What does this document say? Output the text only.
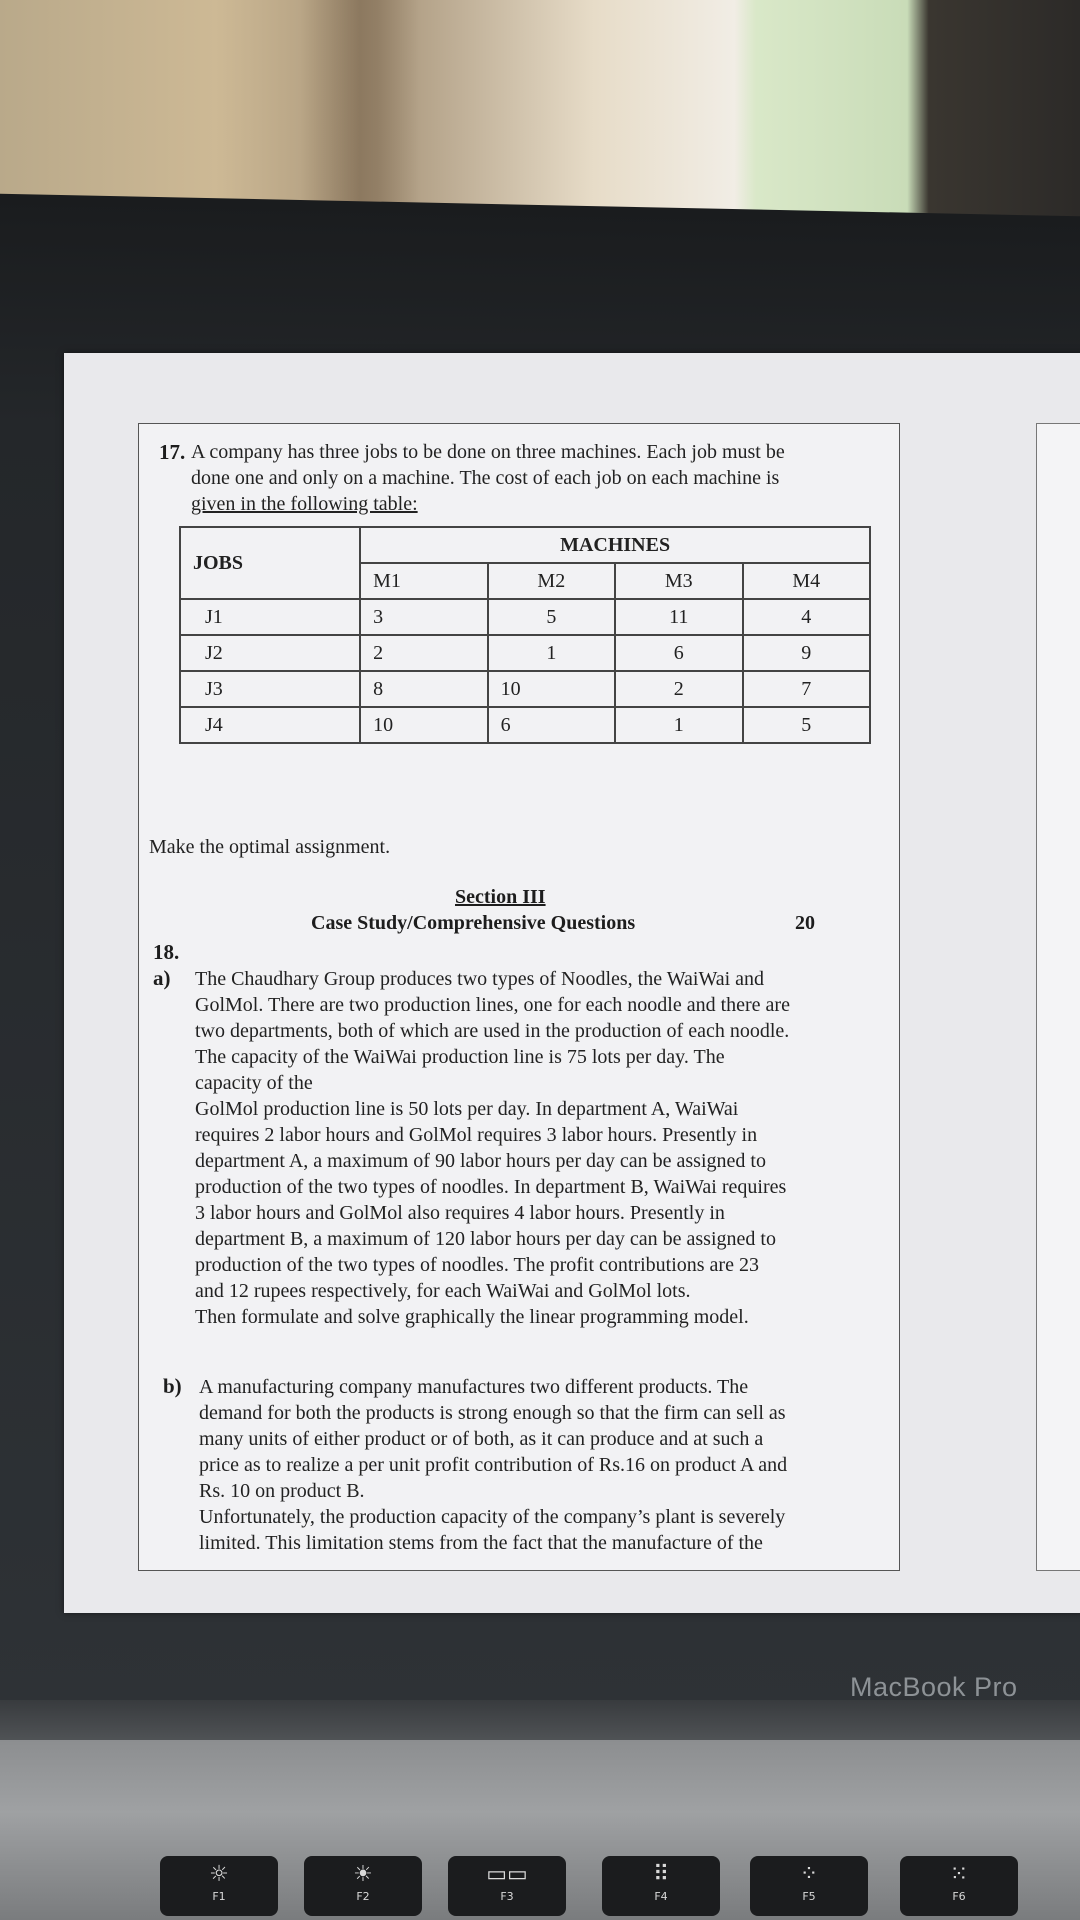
17. A company has three jobs to be done on three machines. Each job must be
done one and only on a machine. The cost of each job on each machine is
given in the following table:
JOBS	MACHINES			
	M1	M2	M3	M4
J1	3	5	11	4
J2	2	1	6	9
J3	8	10	2	7
J4	10	6	1	5
Make the optimal assignment.
Section III
Case Study/Comprehensive Questions	20
18.
a) The Chaudhary Group produces two types of Noodles, the WaiWai and
GolMol. There are two production lines, one for each noodle and there are
two departments, both of which are used in the production of each noodle.
The capacity of the WaiWai production line is 75 lots per day. The
capacity of the
GolMol production line is 50 lots per day. In department A, WaiWai
requires 2 labor hours and GolMol requires 3 labor hours. Presently in
department A, a maximum of 90 labor hours per day can be assigned to
production of the two types of noodles. In department B, WaiWai requires
3 labor hours and GolMol also requires 4 labor hours. Presently in
department B, a maximum of 120 labor hours per day can be assigned to
production of the two types of noodles. The profit contributions are 23
and 12 rupees respectively, for each WaiWai and GolMol lots.
Then formulate and solve graphically the linear programming model.
b) A manufacturing company manufactures two different products. The
demand for both the products is strong enough so that the firm can sell as
many units of either product or of both, as it can produce and at such a
price as to realize a per unit profit contribution of Rs.16 on product A and
Rs. 10 on product B.
Unfortunately, the production capacity of the company’s plant is severely
limited. This limitation stems from the fact that the manufacture of the
MacBook Pro
☼
F1
☀
F2
▭▭
F3
⠿
F4
⁘
F5
⁙
F6
